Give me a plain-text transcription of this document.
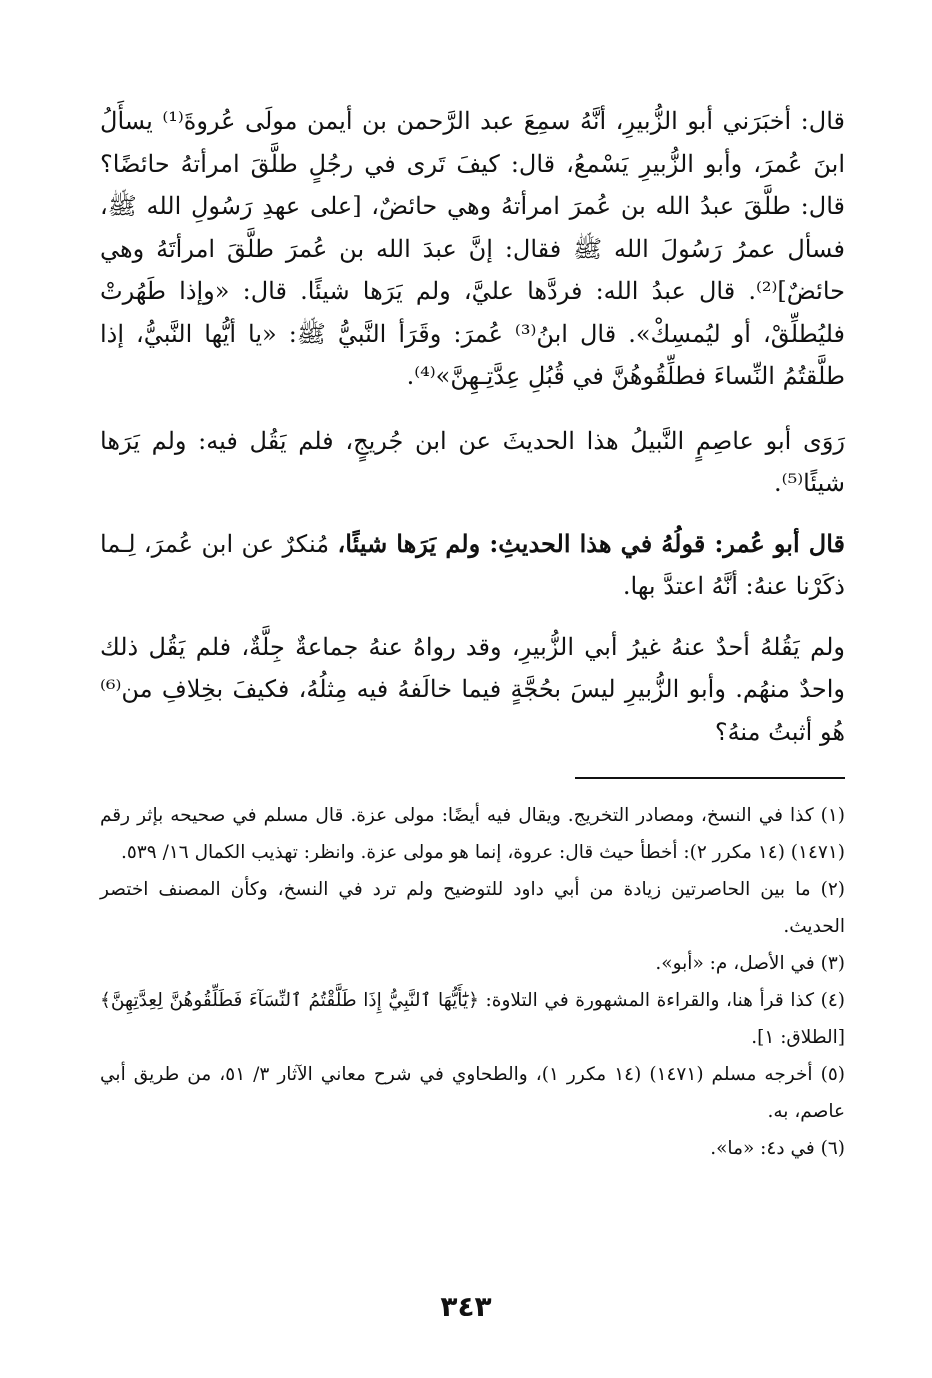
قال: أخبَرَني أبو الزُّبيرِ، أنَّهُ سمِعَ عبد الرَّحمن بن أيمن مولَى عُروةَ⁽¹⁾ يسأَلُ ابنَ عُمرَ، وأبو الزُّبيرِ يَسْمعُ، قال: كيفَ تَرى في رجُلٍ طلَّقَ امرأتهُ حائضًا؟ قال: طلَّقَ عبدُ الله بن عُمرَ امرأتهُ وهي حائضٌ، [على عهدِ رَسُولِ الله ﷺ، فسأل عمرُ رَسُولَ الله ﷺ فقال: إنَّ عبدَ الله بن عُمرَ طلَّقَ امرأتَهُ وهي حائضٌ]⁽²⁾. قال عبدُ الله: فردَّها عليَّ، ولم يَرَها شيئًا. قال: «وإذا طَهُرتْ فليُطلِّقْ، أو ليُمسِكْ». قال ابنُ⁽³⁾ عُمرَ: وقَرَأ النَّبيُّ ﷺ: «يا أيُّها النَّبيُّ، إذا طلَّقتُمُ النِّساءَ فطلِّقُوهُنَّ في قُبُلِ عِدَّتِـهِنَّ»⁽⁴⁾.

رَوَى أبو عاصِمٍ النَّبيلُ هذا الحديثَ عن ابن جُريجٍ، فلم يَقُل فيه: ولم يَرَها شيئًا⁽⁵⁾.

قال أبو عُمر: قولُهُ في هذا الحديثِ: ولم يَرَها شيئًا، مُنكرٌ عن ابن عُمرَ، لِـما ذكَرْنا عنهُ: أنَّهُ اعتدَّ بها.

ولم يَقُلهُ أحدٌ عنهُ غيرُ أبي الزُّبيرِ، وقد رواهُ عنهُ جماعةٌ جِلَّةٌ، فلم يَقُل ذلك واحدٌ منهُم. وأبو الزُّبيرِ ليسَ بحُجَّةٍ فيما خالَفهُ فيه مِثلُهُ، فكيفَ بخِلافِ من⁽⁶⁾ هُو أثبتُ منهُ؟

(١) كذا في النسخ، ومصادر التخريج. ويقال فيه أيضًا: مولى عزة. قال مسلم في صحيحه بإثر رقم (١٤٧١) (١٤ مكرر ٢): أخطأ حيث قال: عروة، إنما هو مولى عزة. وانظر: تهذيب الكمال ١٦/ ٥٣٩.

(٢) ما بين الحاصرتين زيادة من أبي داود للتوضيح ولم ترد في النسخ، وكأن المصنف اختصر الحديث.

(٣) في الأصل، م: «أبو».

(٤) كذا قرأ هنا، والقراءة المشهورة في التلاوة: ﴿يَٰٓأَيُّهَا ٱلنَّبِيُّ إِذَا طَلَّقْتُمُ ٱلنِّسَآءَ فَطَلِّقُوهُنَّ لِعِدَّتِهِنَّ﴾ [الطلاق: ١].

(٥) أخرجه مسلم (١٤٧١) (١٤ مكرر ١)، والطحاوي في شرح معاني الآثار ٣/ ٥١، من طريق أبي عاصم، به.

(٦) في د٤: «ما».

٣٤٣
